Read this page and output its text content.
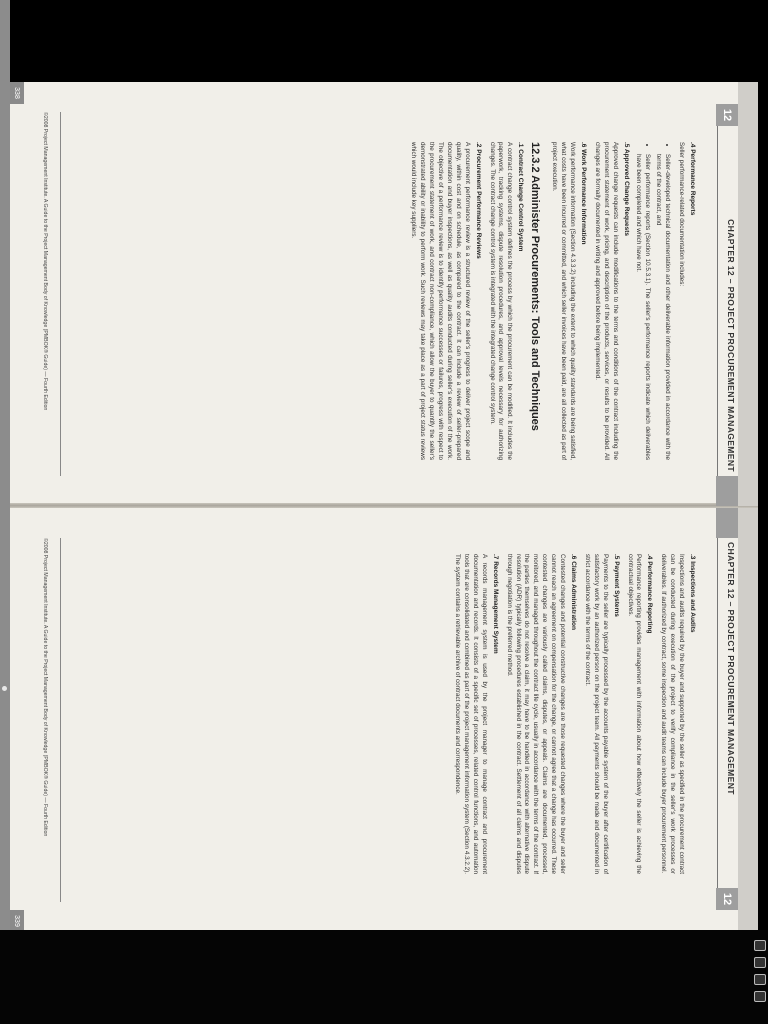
12
CHAPTER 12 – PROJECT PROCUREMENT MANAGEMENT
.4 Performance Reports

Seller performance-related documentation includes:

• Seller-developed technical documentation and other deliverable information provided in accordance with the terms of the contract, and
• Seller performance reports (Section 10.5.3.1). The seller's performance reports indicate which deliverables have been completed and which have not.
.5 Approved Change Requests

Approved change requests can include modifications to the terms and conditions of the contract including the procurement statement of work, pricing, and description of the products, services, or results to be provided. All changes are formally documented in writing and approved before being implemented.

.6 Work Performance Information

Work performance information (Section 4.3.3.2) including the extent to which quality standards are being satisfied, what costs have been incurred or committed, and which seller invoices have been paid, are all collected as part of project execution.

12.3.2 Administer Procurements: Tools and Techniques
.1 Contract Change Control System

A contract change control system defines the process by which the procurement can be modified. It includes the paperwork, tracking systems, dispute resolution procedures, and approval levels necessary for authorizing changes. The contract change control system is integrated with the integrated change control system.

.2 Procurement Performance Reviews

A procurement performance review is a structured review of the seller's progress to deliver project scope and quality, within cost and on schedule, as compared to the contract. It can include a review of seller-prepared documentation and buyer inspections, as well as quality audits conducted during seller's execution of the work. The objective of a performance review is to identify performance successes or failures, progress with respect to the procurement statement of work, and contract non-compliance, which allow the buyer to quantify the seller's demonstrated ability or inability to perform work. Such reviews may take place as a part of project status reviews which would include key suppliers.

©2008 Project Management Institute. A Guide to the Project Management Body of Knowledge (PMBOK® Guide) — Fourth Edition
338
CHAPTER 12 – PROJECT PROCUREMENT MANAGEMENT
12
.3 Inspections and Audits

Inspections and audits required by the buyer and supported by the seller as specified in the procurement contract can be conducted during execution of the project to verify compliance in the seller's work processes or deliverables. If authorized by contract, some inspection and audit teams can include buyer procurement personnel.

.4 Performance Reporting

Performance reporting provides management with information about how effectively the seller is achieving the contractual objectives.

.5 Payment Systems

Payments to the seller are typically processed by the accounts payable system of the buyer after certification of satisfactory work by an authorized person on the project team. All payments should be made and documented in strict accordance with the terms of the contract.

.6 Claims Administration

Contested changes and potential constructive changes are those requested changes where the buyer and seller cannot reach an agreement on compensation for the change, or cannot agree that a change has occurred. These contested changes are variously called claims, disputes, or appeals. Claims are documented, processed, monitored, and managed throughout the contract life cycle, usually in accordance with the terms of the contract. If the parties themselves do not resolve a claim, it may have to be handled in accordance with alternative dispute resolution (ADR) typically following procedures established in the contract. Settlement of all claims and disputes through negotiation is the preferred method.

.7 Records Management System

A records management system is used by the project manager to manage contract and procurement documentation and records. It consists of a specific set of processes, related control functions, and automation tools that are consolidated and combined as part of the project management information system (Section 4.3.2.2). The system contains a retrievable archive of contract documents and correspondence.

©2008 Project Management Institute. A Guide to the Project Management Body of Knowledge (PMBOK® Guide) — Fourth Edition
339
